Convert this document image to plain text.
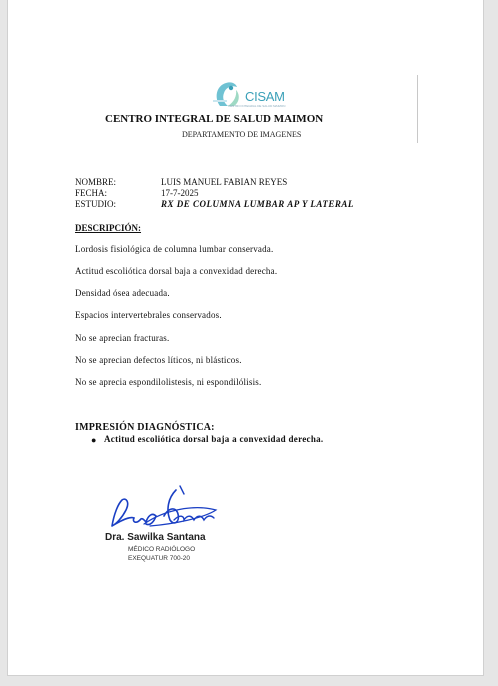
CISAM
CENTRO INTEGRAL DE SALUD MAIMON
CENTRO INTEGRAL DE SALUD MAIMON
DEPARTAMENTO DE IMAGENES
NOMBRE:	LUIS MANUEL FABIAN REYES
FECHA:	17-7-2025
ESTUDIO:	RX DE COLUMNA LUMBAR AP Y LATERAL
DESCRIPCIÓN:
Lordosis fisiológica de columna lumbar conservada.
Actitud escoliótica dorsal baja a convexidad derecha.
Densidad ósea adecuada.
Espacios intervertebrales conservados.
No se aprecian fracturas.
No se aprecian defectos líticos, ni blásticos.
No se aprecia espondilolistesis, ni espondilólisis.
IMPRESIÓN DIAGNÓSTICA:
● Actitud escoliótica dorsal baja a convexidad derecha.
Dra. Sawilka Santana
MÉDICO RADIÓLOGO
EXEQUATUR 700-20
